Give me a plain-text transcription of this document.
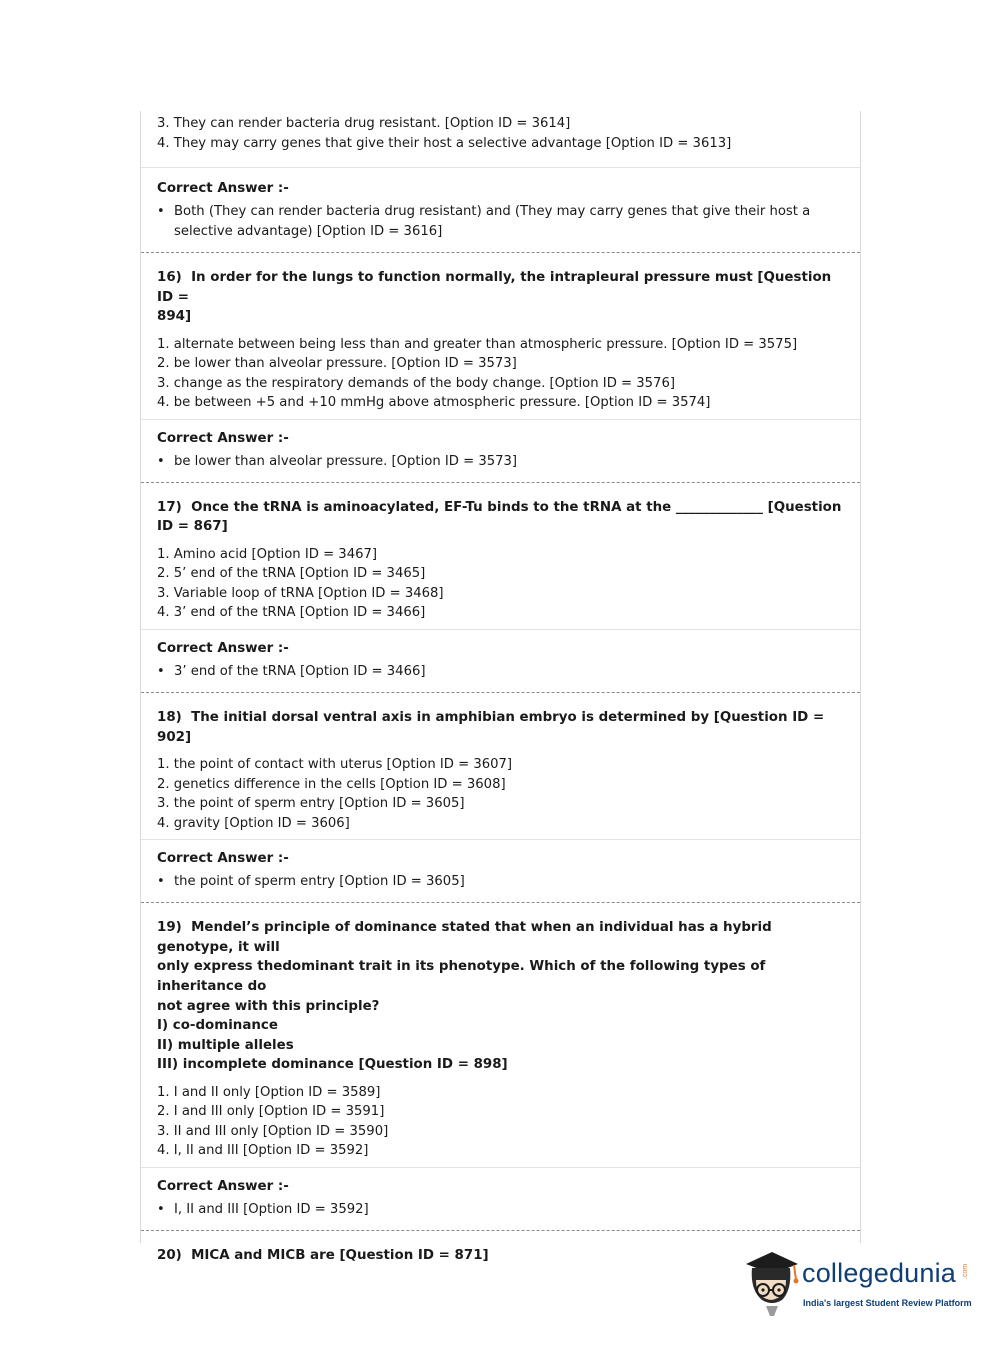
3. They can render bacteria drug resistant. [Option ID = 3614]
4. They may carry genes that give their host a selective advantage [Option ID = 3613]
Correct Answer :-
• Both (They can render bacteria drug resistant) and (They may carry genes that give their host a
selective advantage) [Option ID = 3616]
16)  In order for the lungs to function normally, the intrapleural pressure must [Question ID =
894]
1. alternate between being less than and greater than atmospheric pressure. [Option ID = 3575]
2. be lower than alveolar pressure. [Option ID = 3573]
3. change as the respiratory demands of the body change. [Option ID = 3576]
4. be between +5 and +10 mmHg above atmospheric pressure. [Option ID = 3574]
Correct Answer :-
• be lower than alveolar pressure. [Option ID = 3573]
17)  Once the tRNA is aminoacylated, EF-Tu binds to the tRNA at the _____________ [Question
ID = 867]
1. Amino acid [Option ID = 3467]
2. 5’ end of the tRNA [Option ID = 3465]
3. Variable loop of tRNA [Option ID = 3468]
4. 3’ end of the tRNA [Option ID = 3466]
Correct Answer :-
• 3’ end of the tRNA [Option ID = 3466]
18)  The initial dorsal ventral axis in amphibian embryo is determined by [Question ID = 902]
1. the point of contact with uterus [Option ID = 3607]
2. genetics difference in the cells [Option ID = 3608]
3. the point of sperm entry [Option ID = 3605]
4. gravity [Option ID = 3606]
Correct Answer :-
• the point of sperm entry [Option ID = 3605]
19)  Mendel’s principle of dominance stated that when an individual has a hybrid genotype, it will
only express thedominant trait in its phenotype. Which of the following types of inheritance do
not agree with this principle?
I) co-dominance
II) multiple alleles
III) incomplete dominance [Question ID = 898]
1. I and II only [Option ID = 3589]
2. I and III only [Option ID = 3591]
3. II and III only [Option ID = 3590]
4. I, II and III [Option ID = 3592]
Correct Answer :-
• I, II and III [Option ID = 3592]
20)  MICA and MICB are [Question ID = 871]
collegedunia .com
India's largest Student Review Platform
